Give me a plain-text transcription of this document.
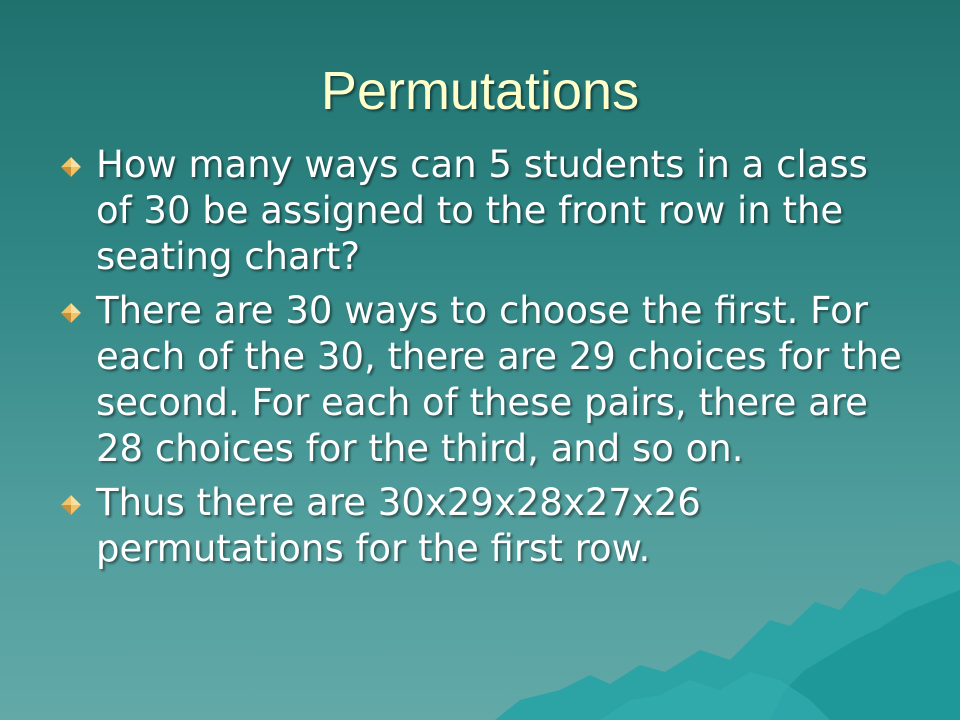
Permutations
How many ways can 5 students in a class of 30 be assigned to the front row in the seating chart?
There are 30 ways to choose the first. For each of the 30, there are 29 choices for the second. For each of these pairs, there are 28 choices for the third, and so on.
Thus there are 30x29x28x27x26 permutations for the first row.
